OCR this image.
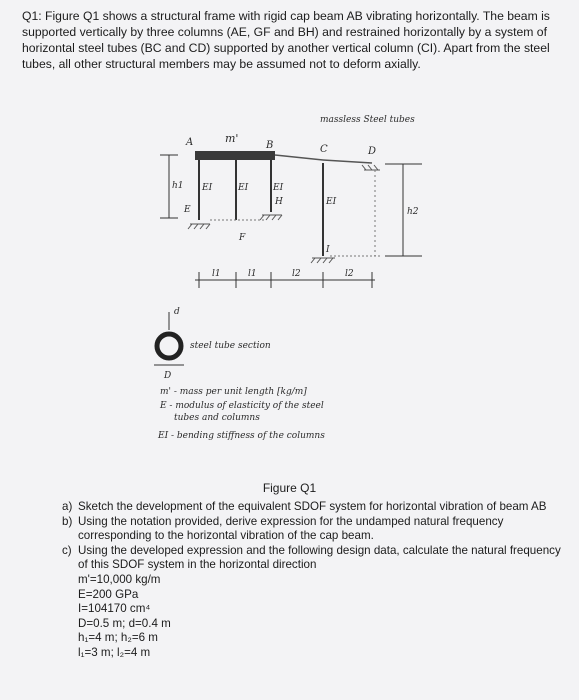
Q1: Figure Q1 shows a structural frame with rigid cap beam AB vibrating horizontally. The beam is supported vertically by three columns (AE, GF and BH) and restrained horizontally by a system of horizontal steel tubes (BC and CD) supported by another vertical column (CI). Apart from the steel tubes, all other structural members may be assumed not to deform axially.
A	m'
B	C	D
massless Steel tubes
EI	EI	EI
EI
E
F
H
I
h1
h2
l1	l1	l2	l2
d
steel tube section
D
m' - mass per unit length [kg/m]
E - modulus of elasticity of the steel
tubes and columns
EI - bending stiffness of the columns
Figure Q1
a) Sketch the development of the equivalent SDOF system for horizontal vibration of beam AB
b) Using the notation provided, derive expression for the undamped natural frequency corresponding to the horizontal vibration of the cap beam.
c) Using the developed expression and the following design data, calculate the natural frequency of this SDOF system in the horizontal direction
m'=10,000 kg/m
E=200 GPa
I=104170 cm⁴
D=0.5 m; d=0.4 m
h₁=4 m; h₂=6 m
l₁=3 m; l₂=4 m
